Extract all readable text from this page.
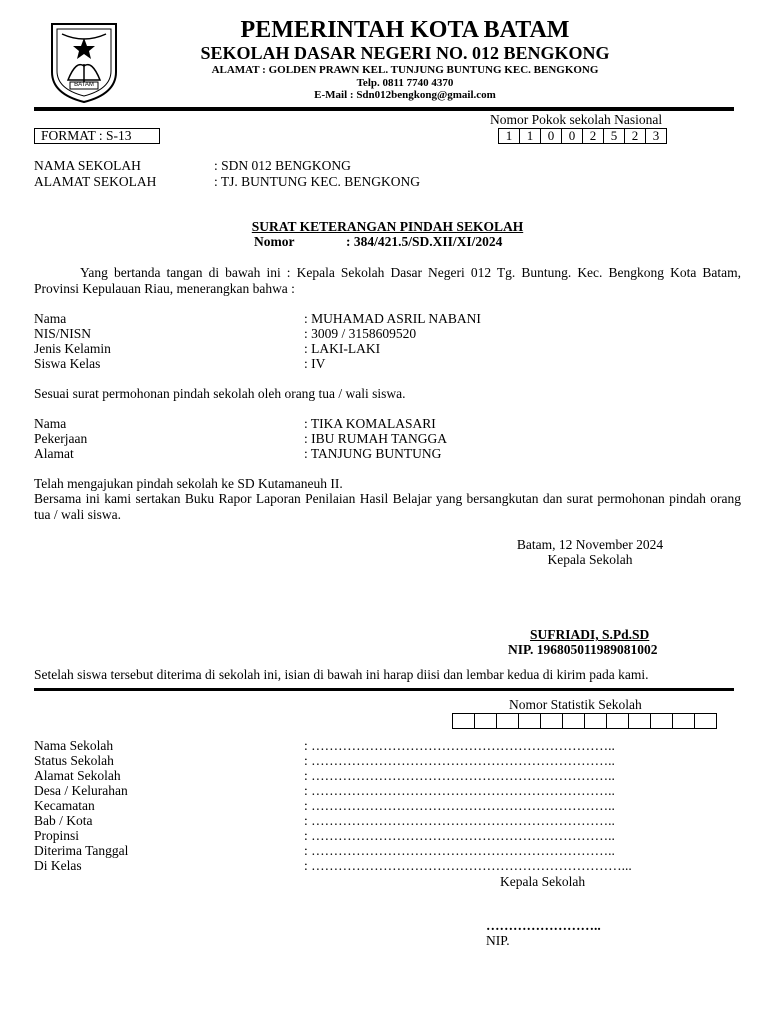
BATAM
PEMERINTAH KOTA BATAM
SEKOLAH DASAR NEGERI NO. 012 BENGKONG
ALAMAT : GOLDEN PRAWN KEL. TUNJUNG BUNTUNG KEC. BENGKONG
Telp. 0811 7740 4370
E-Mail : Sdn012bengkong@gmail.com
Nomor Pokok sekolah Nasional
FORMAT : S-13	1	1	0	0	2	5	2	3
NAMA SEKOLAH	: SDN 012 BENGKONG
ALAMAT SEKOLAH	: TJ. BUNTUNG KEC. BENGKONG
SURAT KETERANGAN PINDAH SEKOLAH
Nomor	: 384/421.5/SD.XII/XI/2024
Yang bertanda tangan di bawah ini : Kepala Sekolah Dasar Negeri 012 Tg. Buntung. Kec. Bengkong Kota Batam, Provinsi Kepulauan Riau, menerangkan bahwa :
Nama	: MUHAMAD ASRIL NABANI
NIS/NISN	: 3009 / 3158609520
Jenis Kelamin	: LAKI-LAKI
Siswa Kelas	: IV
Sesuai surat permohonan pindah sekolah oleh orang tua / wali siswa.
Nama	: TIKA KOMALASARI
Pekerjaan	: IBU RUMAH TANGGA
Alamat	: TANJUNG BUNTUNG
Telah mengajukan pindah sekolah ke SD Kutamaneuh II.
Bersama ini kami sertakan Buku Rapor Laporan Penilaian Hasil Belajar yang bersangkutan dan surat permohonan pindah orang tua / wali siswa.
Batam, 12 November 2024
Kepala Sekolah
SUFRIADI, S.Pd.SD
NIP. 196805011989081002
Setelah siswa tersebut diterima di sekolah ini, isian di bawah ini harap diisi dan lembar kedua di kirim pada kami.
Nomor Statistik Sekolah
Nama Sekolah	: …………………………………………………………..
Status Sekolah	: …………………………………………………………..
Alamat Sekolah	: …………………………………………………………..
Desa / Kelurahan	: …………………………………………………………..
Kecamatan	: …………………………………………………………..
Bab / Kota	: …………………………………………………………..
Propinsi	: …………………………………………………………..
Diterima Tanggal	: …………………………………………………………..
Di Kelas	: ……………………………………………………………...
Kepala Sekolah
……………………..
NIP.
